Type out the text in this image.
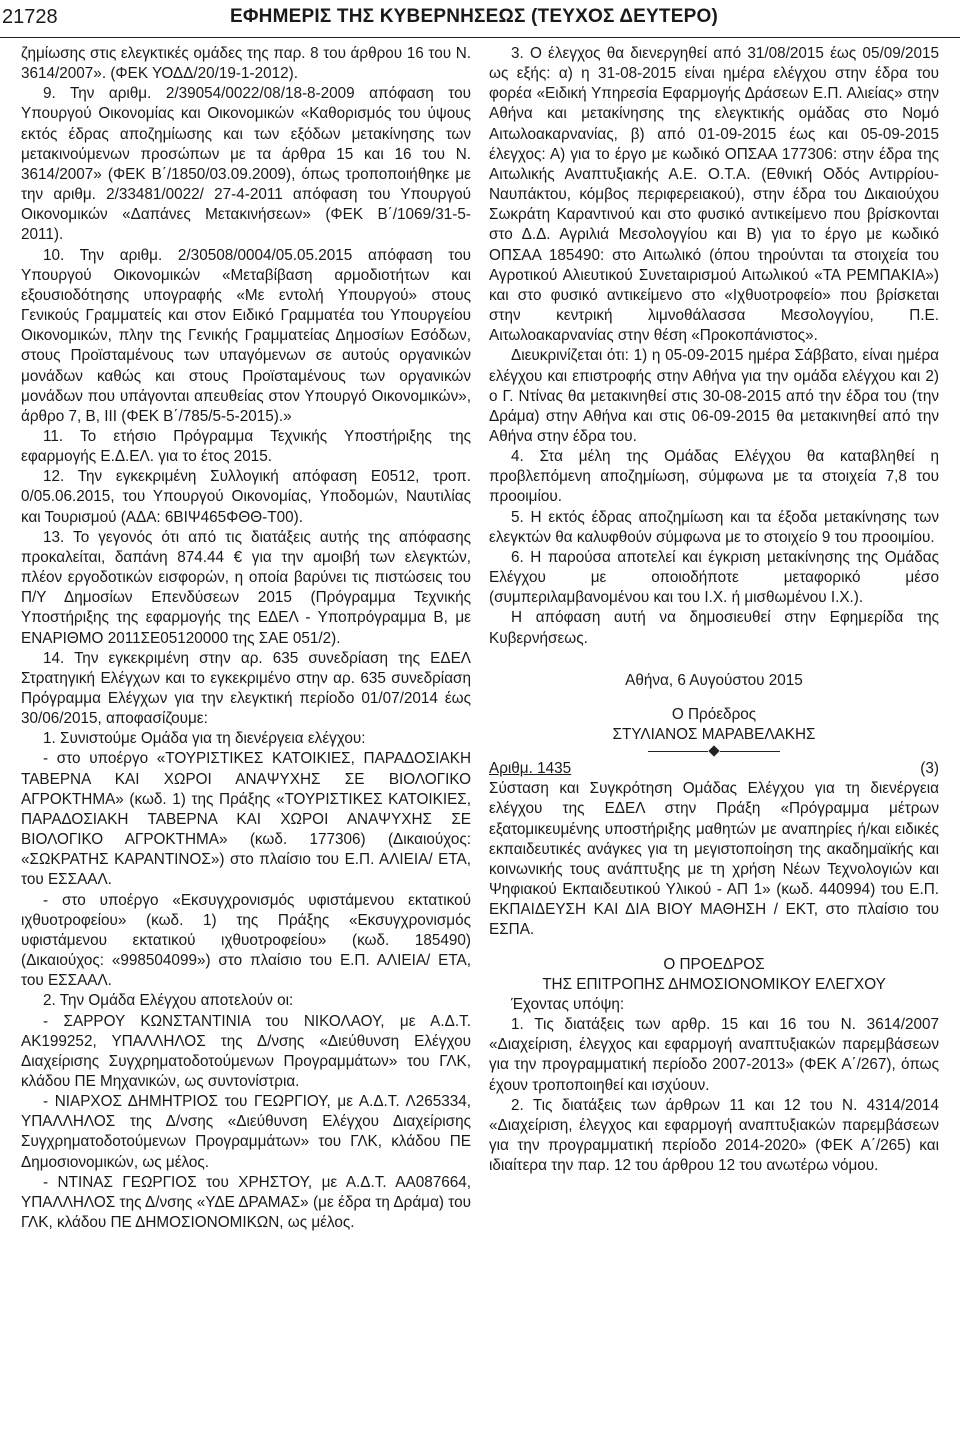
21728	ΕΦΗΜΕΡΙΣ ΤΗΣ ΚΥΒΕΡΝΗΣΕΩΣ (ΤΕΥΧΟΣ ΔΕΥΤΕΡΟ)

ζημίωσης στις ελεγκτικές ομάδες της παρ. 8 του άρθρου 16 του Ν. 3614/2007». (ΦΕΚ ΥΟΔΔ/20/19-1-2012).

9. Την αριθμ. 2/39054/0022/08/18-8-2009 απόφαση του Υπουργού Οικονομίας και Οικονομικών «Καθορισμός του ύψους εκτός έδρας αποζημίωσης και των εξόδων μετακίνησης των μετακινούμενων προσώπων με τα άρθρα 15 και 16 του Ν. 3614/2007» (ΦΕΚ Β΄/1850/03.09.2009), όπως τροποποιήθηκε με την αριθμ. 2/33481/0022/ 27-4-2011 απόφαση του Υπουργού Οικονομικών «Δαπάνες Μετακινήσεων» (ΦΕΚ Β΄/1069/31-5-2011).

10. Την αριθμ. 2/30508/0004/05.05.2015 απόφαση του Υπουργού Οικονομικών «Μεταβίβαση αρμοδιοτήτων και εξουσιοδότησης υπογραφής «Με εντολή Υπουργού» στους Γενικούς Γραμματείς και στον Ειδικό Γραμματέα του Υπουργείου Οικονομικών, πλην της Γενικής Γραμματείας Δημοσίων Εσόδων, στους Προϊσταμένους των υπαγόμενων σε αυτούς οργανικών μονάδων καθώς και στους Προϊσταμένους των οργανικών μονάδων που υπάγονται απευθείας στον Υπουργό Οικονομικών», άρθρο 7, Β, ΙΙΙ (ΦΕΚ Β΄/785/5-5-2015).»

11. Το ετήσιο Πρόγραμμα Τεχνικής Υποστήριξης της εφαρμογής Ε.Δ.ΕΛ. για το έτος 2015.

12. Την εγκεκριμένη Συλλογική απόφαση Ε0512, τροπ. 0/05.06.2015, του Υπουργού Οικονομίας, Υποδομών, Ναυτιλίας και Τουρισμού (ΑΔΑ: 6ΒΙΨ465ΦΘΘ-Τ00).

13. Το γεγονός ότι από τις διατάξεις αυτής της απόφασης προκαλείται, δαπάνη 874.44 € για την αμοιβή των ελεγκτών, πλέον εργοδοτικών εισφορών, η οποία βαρύνει τις πιστώσεις του Π/Υ Δημοσίων Επενδύσεων 2015 (Πρόγραμμα Τεχνικής Υποστήριξης της εφαρμογής της ΕΔΕΛ - Υποπρόγραμμα Β, με ΕΝΑΡΙΘΜΟ 2011ΣΕ05120000 της ΣΑΕ 051/2).

14. Την εγκεκριμένη στην αρ. 635 συνεδρίαση της ΕΔΕΛ Στρατηγική Ελέγχων και το εγκεκριμένο στην αρ. 635 συνεδρίαση Πρόγραμμα Ελέγχων για την ελεγκτική περίοδο 01/07/2014 έως 30/06/2015, αποφασίζουμε:

1. Συνιστούμε Ομάδα για τη διενέργεια ελέγχου:

- στο υποέργο «ΤΟΥΡΙΣΤΙΚΕΣ ΚΑΤΟΙΚΙΕΣ, ΠΑΡΑΔΟΣΙΑΚΗ ΤΑΒΕΡΝΑ ΚΑΙ ΧΩΡΟΙ ΑΝΑΨΥΧΗΣ ΣΕ ΒΙΟΛΟΓΙΚΟ ΑΓΡΟΚΤΗΜΑ» (κωδ. 1) της Πράξης «ΤΟΥΡΙΣΤΙΚΕΣ ΚΑΤΟΙΚΙΕΣ, ΠΑΡΑΔΟΣΙΑΚΗ ΤΑΒΕΡΝΑ ΚΑΙ ΧΩΡΟΙ ΑΝΑΨΥΧΗΣ ΣΕ ΒΙΟΛΟΓΙΚΟ ΑΓΡΟΚΤΗΜΑ» (κωδ. 177306) (Δικαιούχος: «ΣΩΚΡΑΤΗΣ ΚΑΡΑΝΤΙΝΟΣ») στο πλαίσιο του Ε.Π. ΑΛΙΕΙΑ/ ΕΤΑ, του ΕΣΣΑΑΛ.

- στο υποέργο «Εκσυγχρονισμός υφιστάμενου εκτατικού ιχθυοτροφείου» (κωδ. 1) της Πράξης «Εκσυγχρονισμός υφιστάμενου εκτατικού ιχθυοτροφείου» (κωδ. 185490) (Δικαιούχος: «998504099») στο πλαίσιο του Ε.Π. ΑΛΙΕΙΑ/ ΕΤΑ, του ΕΣΣΑΑΛ.

2. Την Ομάδα Ελέγχου αποτελούν οι:

- ΣΑΡΡΟΥ ΚΩΝΣΤΑΝΤΙΝΙΑ του ΝΙΚΟΛΑΟΥ, με Α.Δ.Τ. ΑΚ199252, ΥΠΑΛΛΗΛΟΣ της Δ/νσης «Διεύθυνση Ελέγχου Διαχείρισης Συγχρηματοδοτούμενων Προγραμμάτων» του ΓΛΚ, κλάδου ΠΕ Μηχανικών, ως συντονίστρια.

- ΝΙΑΡΧΟΣ ΔΗΜΗΤΡΙΟΣ του ΓΕΩΡΓΙΟΥ, με Α.Δ.Τ. Λ265334, ΥΠΑΛΛΗΛΟΣ της Δ/νσης «Διεύθυνση Ελέγχου Διαχείρισης Συγχρηματοδοτούμενων Προγραμμάτων» του ΓΛΚ, κλάδου ΠΕ Δημοσιονομικών, ως μέλος.

- ΝΤΙΝΑΣ ΓΕΩΡΓΙΟΣ του ΧΡΗΣΤΟΥ, με Α.Δ.Τ. ΑΑ087664, ΥΠΑΛΛΗΛΟΣ της Δ/νσης «ΥΔΕ ΔΡΑΜΑΣ» (με έδρα τη Δράμα) του ΓΛΚ, κλάδου ΠΕ ΔΗΜΟΣΙΟΝΟΜΙΚΩΝ, ως μέλος.

3. Ο έλεγχος θα διενεργηθεί από 31/08/2015 έως 05/09/2015 ως εξής: α) η 31-08-2015 είναι ημέρα ελέγχου στην έδρα του φορέα «Ειδική Υπηρεσία Εφαρμογής Δράσεων Ε.Π. Αλιείας» στην Αθήνα και μετακίνησης της ελεγκτικής ομάδας στο Νομό Αιτωλοακαρνανίας, β) από 01-09-2015 έως και 05-09-2015 έλεγχος: Α) για το έργο με κωδικό ΟΠΣΑΑ 177306: στην έδρα της Αιτωλικής Αναπτυξιακής Α.Ε. Ο.Τ.Α. (Εθνική Οδός Αντιρρίου- Ναυπάκτου, κόμβος περιφερειακού), στην έδρα του Δικαιούχου Σωκράτη Καραντινού και στο φυσικό αντικείμενο που βρίσκονται στο Δ.Δ. Αγριλιά Μεσολογγίου και Β) για το έργο με κωδικό ΟΠΣΑΑ 185490: στο Αιτωλικό (όπου τηρούνται τα στοιχεία του Αγροτικού Αλιευτικού Συνεταιρισμού Αιτωλικού «ΤΑ ΡΕΜΠΑΚΙΑ») και στο φυσικό αντικείμενο στο «Ιχθυοτροφείο» που βρίσκεται στην κεντρική λιμνοθάλασσα Μεσολογγίου, Π.Ε. Αιτωλοακαρνανίας στην θέση «Προκοπάνιστος».

Διευκρινίζεται ότι: 1) η 05-09-2015 ημέρα Σάββατο, είναι ημέρα ελέγχου και επιστροφής στην Αθήνα για την ομάδα ελέγχου και 2) ο Γ. Ντίνας θα μετακινηθεί στις 30-08-2015 από την έδρα του (την Δράμα) στην Αθήνα και στις 06-09-2015 θα μετακινηθεί από την Αθήνα στην έδρα του.

4. Στα μέλη της Ομάδας Ελέγχου θα καταβληθεί η προβλεπόμενη αποζημίωση, σύμφωνα με τα στοιχεία 7,8 του προοιμίου.

5. Η εκτός έδρας αποζημίωση και τα έξοδα μετακίνησης των ελεγκτών θα καλυφθούν σύμφωνα με το στοιχείο 9 του προοιμίου.

6. Η παρούσα αποτελεί και έγκριση μετακίνησης της Ομάδας Ελέγχου με οποιοδήποτε μεταφορικό μέσο (συμπεριλαμβανομένου και του Ι.Χ. ή μισθωμένου Ι.Χ.).

Η απόφαση αυτή να δημοσιευθεί στην Εφημερίδα της Κυβερνήσεως.

Αθήνα, 6 Αυγούστου 2015

Ο Πρόεδρος

ΣΤΥΛΙΑΝΟΣ ΜΑΡΑΒΕΛΑΚΗΣ

Αριθμ. 1435	(3)

Σύσταση και Συγκρότηση Ομάδας Ελέγχου για τη διενέργεια ελέγχου της ΕΔΕΛ στην Πράξη «Πρόγραμμα μέτρων εξατομικευμένης υποστήριξης μαθητών με αναπηρίες ή/και ειδικές εκπαιδευτικές ανάγκες για τη μεγιστοποίηση της ακαδημαϊκής και κοινωνικής τους ανάπτυξης με τη χρήση Νέων Τεχνολογιών και Ψηφιακού Εκπαιδευτικού Υλικού - ΑΠ 1» (κωδ. 440994) του Ε.Π. ΕΚΠΑΙΔΕΥΣΗ ΚΑΙ ΔΙΑ ΒΙΟΥ ΜΑΘΗΣΗ / ΕΚΤ, στο πλαίσιο του ΕΣΠΑ.

Ο ΠΡΟΕΔΡΟΣ

ΤΗΣ ΕΠΙΤΡΟΠΗΣ ΔΗΜΟΣΙΟΝΟΜΙΚΟΥ ΕΛΕΓΧΟΥ

Έχοντας υπόψη:

1. Τις διατάξεις των αρθρ. 15 και 16 του Ν. 3614/2007 «Διαχείριση, έλεγχος και εφαρμογή αναπτυξιακών παρεμβάσεων για την προγραμματική περίοδο 2007-2013» (ΦΕΚ Α΄/267), όπως έχουν τροποποιηθεί και ισχύουν.

2. Τις διατάξεις των άρθρων 11 και 12 του Ν. 4314/2014 «Διαχείριση, έλεγχος και εφαρμογή αναπτυξιακών παρεμβάσεων για την προγραμματική περίοδο 2014-2020» (ΦΕΚ Α΄/265) και ιδιαίτερα την παρ. 12 του άρθρου 12 του ανωτέρω νόμου.
